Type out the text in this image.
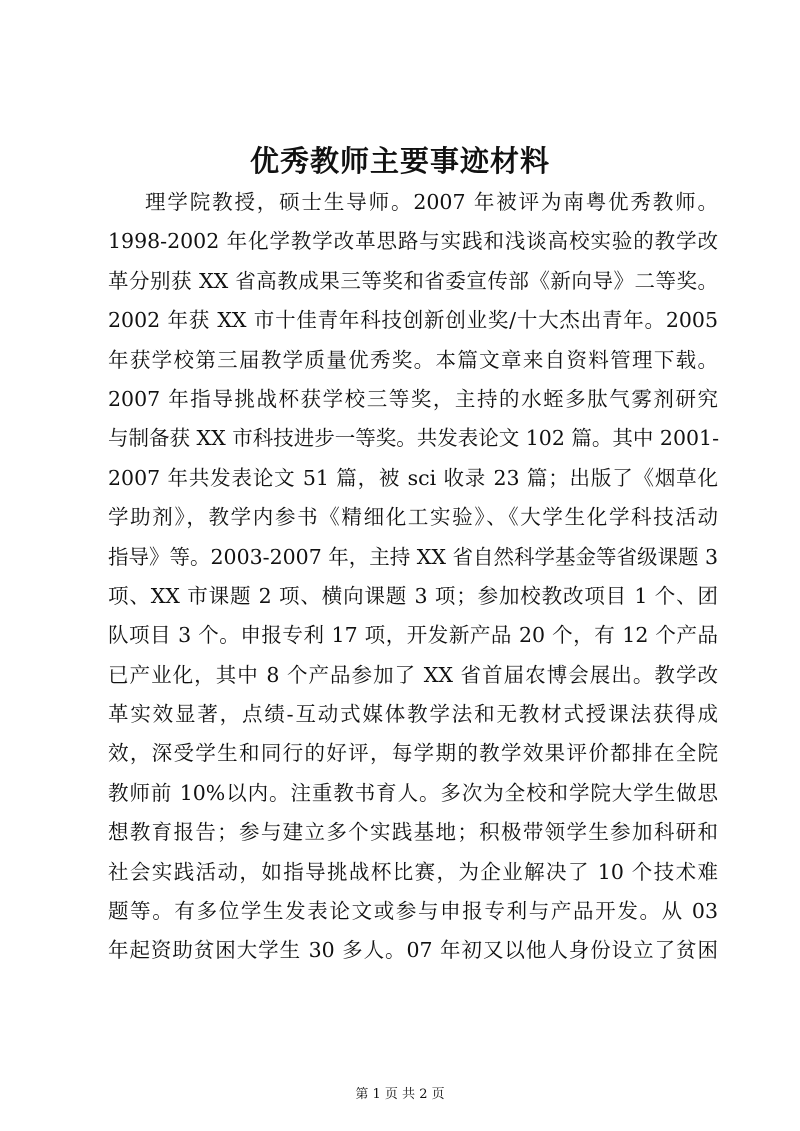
优秀教师主要事迹材料
理学院教授，硕士生导师。2007 年被评为南粤优秀教师。
1998-2002 年化学教学改革思路与实践和浅谈高校实验的教学改
革分别获 XX 省高教成果三等奖和省委宣传部《新向导》二等奖。
2002 年获 XX 市十佳青年科技创新创业奖/十大杰出青年。2005
年获学校第三届教学质量优秀奖。本篇文章来自资料管理下载。
2007 年指导挑战杯获学校三等奖，主持的水蛭多肽气雾剂研究
与制备获 XX 市科技进步一等奖。共发表论文 102 篇。其中 2001-
2007 年共发表论文 51 篇，被 sci 收录 23 篇；出版了《烟草化
学助剂》，教学内参书《精细化工实验》、《大学生化学科技活动
指导》等。2003-2007 年，主持 XX 省自然科学基金等省级课题 3
项、XX 市课题 2 项、横向课题 3 项；参加校教改项目 1 个、团
队项目 3 个。申报专利 17 项，开发新产品 20 个，有 12 个产品
已产业化，其中 8 个产品参加了 XX 省首届农博会展出。教学改
革实效显著，点绩-互动式媒体教学法和无教材式授课法获得成
效，深受学生和同行的好评，每学期的教学效果评价都排在全院
教师前 10%以内。注重教书育人。多次为全校和学院大学生做思
想教育报告；参与建立多个实践基地；积极带领学生参加科研和
社会实践活动，如指导挑战杯比赛，为企业解决了 10 个技术难
题等。有多位学生发表论文或参与申报专利与产品开发。从 03
年起资助贫困大学生 30 多人。07 年初又以他人身份设立了贫困
第 1 页 共 2 页
